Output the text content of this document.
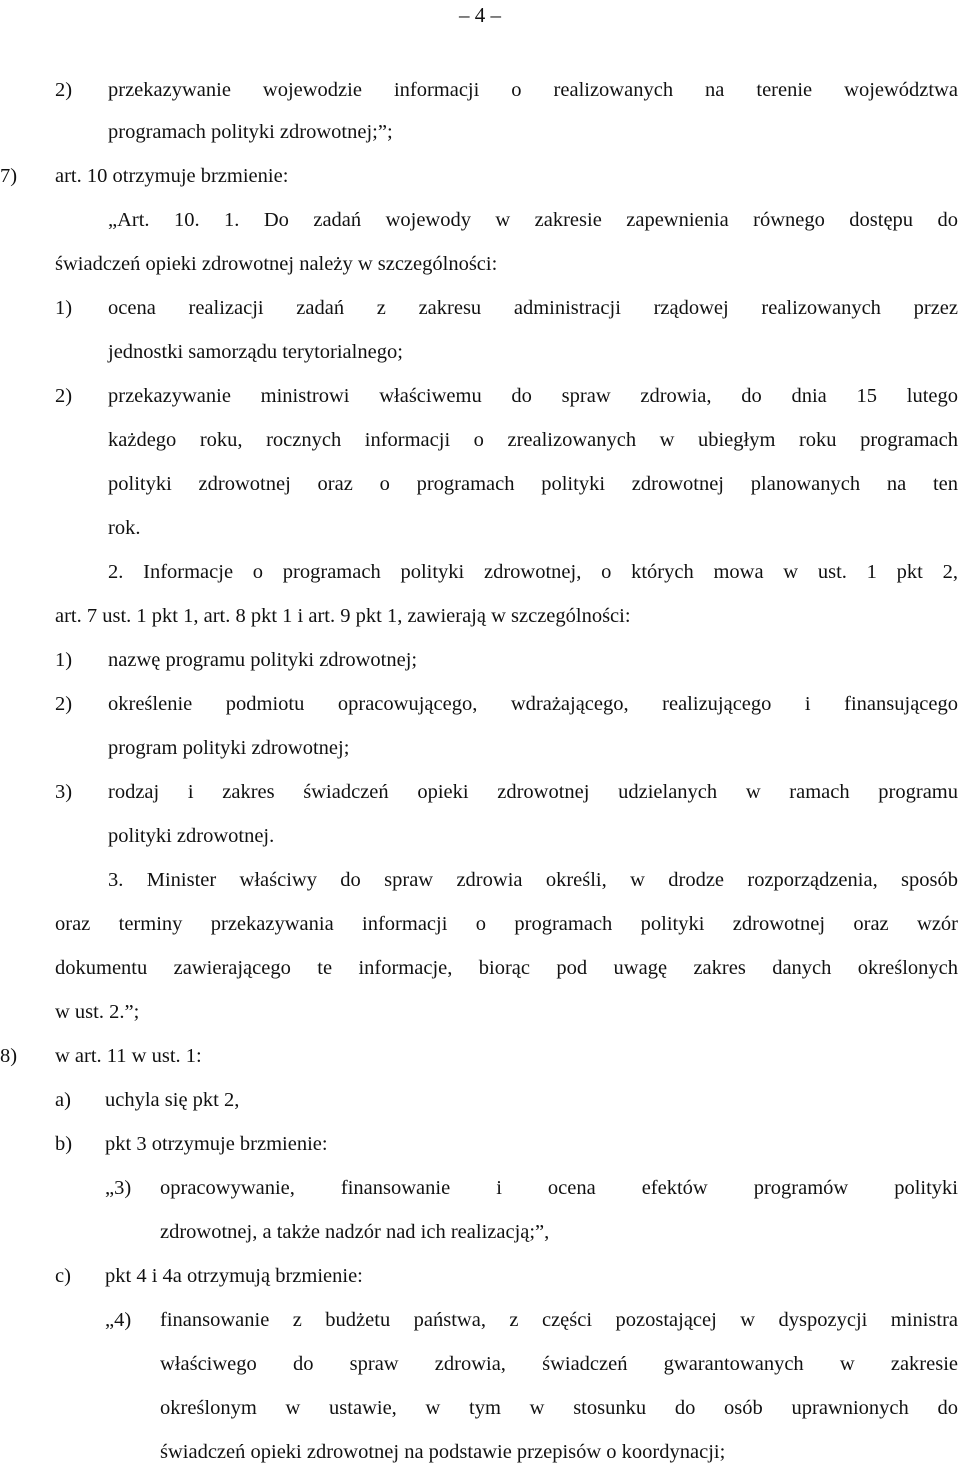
– 4 –
2) przekazywanie wojewodzie informacji o realizowanych na terenie województwa
programach polityki zdrowotnej;”;
7) art. 10 otrzymuje brzmienie:
„Art. 10. 1. Do zadań wojewody w zakresie zapewnienia równego dostępu do
świadczeń opieki zdrowotnej należy w szczególności:
1) ocena realizacji zadań z zakresu administracji rządowej realizowanych przez
jednostki samorządu terytorialnego;
2) przekazywanie ministrowi właściwemu do spraw zdrowia, do dnia 15 lutego
każdego roku, rocznych informacji o zrealizowanych w ubiegłym roku programach
polityki zdrowotnej oraz o programach polityki zdrowotnej planowanych na ten
rok.
2. Informacje o programach polityki zdrowotnej, o których mowa w ust. 1 pkt 2,
art. 7 ust. 1 pkt 1, art. 8 pkt 1 i art. 9 pkt 1, zawierają w szczególności:
1) nazwę programu polityki zdrowotnej;
2) określenie podmiotu opracowującego, wdrażającego, realizującego i finansującego
program polityki zdrowotnej;
3) rodzaj i zakres świadczeń opieki zdrowotnej udzielanych w ramach programu
polityki zdrowotnej.
3. Minister właściwy do spraw zdrowia określi, w drodze rozporządzenia, sposób
oraz terminy przekazywania informacji o programach polityki zdrowotnej oraz wzór
dokumentu zawierającego te informacje, biorąc pod uwagę zakres danych określonych
w ust. 2.”;
8) w art. 11 w ust. 1:
a) uchyla się pkt 2,
b) pkt 3 otrzymuje brzmienie:
„3) opracowywanie, finansowanie i ocena efektów programów polityki
zdrowotnej, a także nadzór nad ich realizacją;”,
c) pkt 4 i 4a otrzymują brzmienie:
„4) finansowanie z budżetu państwa, z części pozostającej w dyspozycji ministra
właściwego do spraw zdrowia, świadczeń gwarantowanych w zakresie
określonym w ustawie, w tym w stosunku do osób uprawnionych do
świadczeń opieki zdrowotnej na podstawie przepisów o koordynacji;
